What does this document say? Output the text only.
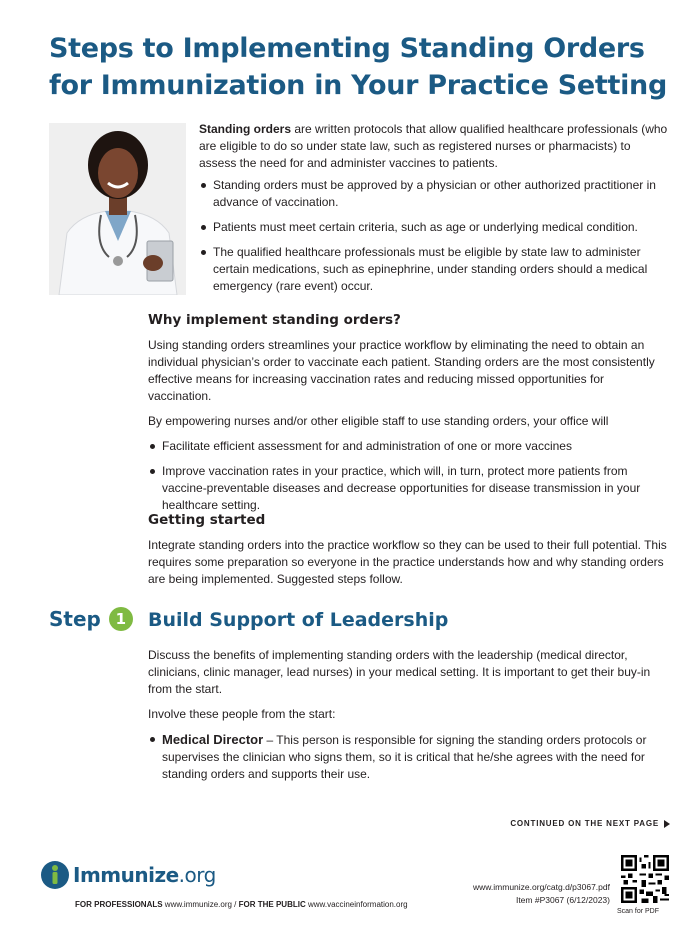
Steps to Implementing Standing Orders for Immunization in Your Practice Setting

Standing orders are written protocols that allow qualified healthcare professionals (who are eligible to do so under state law, such as registered nurses or pharmacists) to assess the need for and administer vaccines to patients.

Standing orders must be approved by a physician or other authorized practitioner in advance of vaccination.
Patients must meet certain criteria, such as age or underlying medical condition.
The qualified healthcare professionals must be eligible by state law to administer certain medications, such as epinephrine, under standing orders should a medical emergency (rare event) occur.
Why implement standing orders?

Using standing orders streamlines your practice workflow by eliminating the need to obtain an individual physician’s order to vaccinate each patient. Standing orders are the most consistently effective means for increasing vaccination rates and reducing missed opportunities for vaccination.

By empowering nurses and/or other eligible staff to use standing orders, your office will

Facilitate efficient assessment for and administration of one or more vaccines
Improve vaccination rates in your practice, which will, in turn, protect more patients from vaccine-preventable diseases and decrease opportunities for disease transmission in your healthcare setting.
Getting started

Integrate standing orders into the practice workflow so they can be used to their full potential. This requires some preparation so everyone in the practice understands how and why standing orders are being implemented. Suggested steps follow.

Step 1	Build Support of Leadership

Discuss the benefits of implementing standing orders with the leadership (medical director, clinicians, clinic manager, lead nurses) in your medical setting. It is important to get their buy-in from the start.

Involve these people from the start:

Medical Director – This person is responsible for signing the standing orders protocols or supervises the clinician who signs them, so it is critical that he/she agrees with the need for standing orders and supports their use.
CONTINUED ON THE NEXT PAGE
Immunize.org
FOR PROFESSIONALS www.immunize.org / FOR THE PUBLIC www.vaccineinformation.org
www.immunize.org/catg.d/p3067.pdf
Item #P3067 (6/12/2023)
Scan for PDF
